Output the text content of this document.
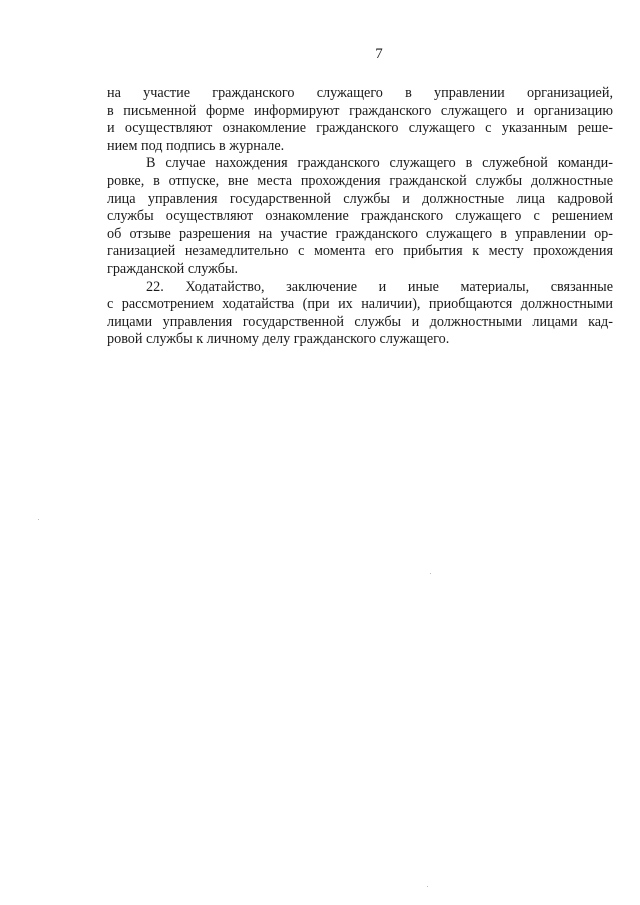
7

на участие гражданского служащего в управлении организацией,
в письменной форме информируют гражданского служащего и организацию
и осуществляют ознакомление гражданского служащего с указанным реше-
нием под подпись в журнале.

В случае нахождения гражданского служащего в служебной команди-
ровке, в отпуске, вне места прохождения гражданской службы должностные
лица управления государственной службы и должностные лица кадровой
службы осуществляют ознакомление гражданского служащего с решением
об отзыве разрешения на участие гражданского служащего в управлении ор-
ганизацией незамедлительно с момента его прибытия к месту прохождения
гражданской службы.

22. Ходатайство, заключение и иные материалы, связанные
с рассмотрением ходатайства (при их наличии), приобщаются должностными
лицами управления государственной службы и должностными лицами кад-
ровой службы к личному делу гражданского служащего.
